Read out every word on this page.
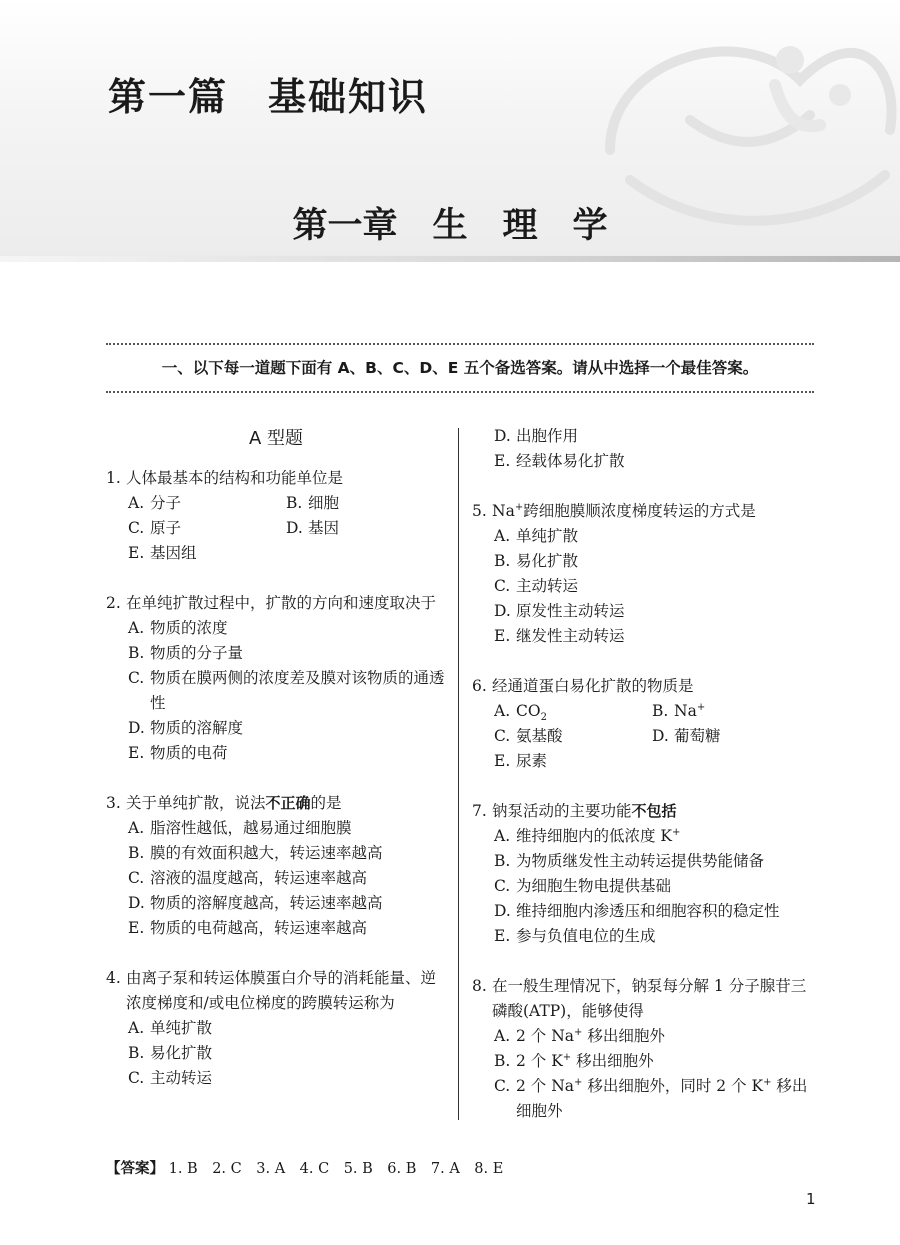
第一篇　基础知识
第一章　生　理　学
一、以下每一道题下面有 A、B、C、D、E 五个备选答案。请从中选择一个最佳答案。
A 型题
1. 人体最基本的结构和功能单位是
A. 分子	B. 细胞
C. 原子	D. 基因
E. 基因组
2. 在单纯扩散过程中，扩散的方向和速度取决于
A. 物质的浓度
B. 物质的分子量
C. 物质在膜两侧的浓度差及膜对该物质的通透性
D. 物质的溶解度
E. 物质的电荷
3. 关于单纯扩散，说法不正确的是
A. 脂溶性越低，越易通过细胞膜
B. 膜的有效面积越大，转运速率越高
C. 溶液的温度越高，转运速率越高
D. 物质的溶解度越高，转运速率越高
E. 物质的电荷越高，转运速率越高
4. 由离子泵和转运体膜蛋白介导的消耗能量、逆浓度梯度和/或电位梯度的跨膜转运称为
A. 单纯扩散
B. 易化扩散
C. 主动转运
D. 出胞作用
E. 经载体易化扩散
5. Na+跨细胞膜顺浓度梯度转运的方式是
A. 单纯扩散
B. 易化扩散
C. 主动转运
D. 原发性主动转运
E. 继发性主动转运
6. 经通道蛋白易化扩散的物质是
A. $CO_2$	B. Na+
C. 氨基酸	D. 葡萄糖
E. 尿素
7. 钠泵活动的主要功能不包括
A. 维持细胞内的低浓度 K+
B. 为物质继发性主动转运提供势能储备
C. 为细胞生物电提供基础
D. 维持细胞内渗透压和细胞容积的稳定性
E. 参与负值电位的生成
8. 在一般生理情况下，钠泵每分解 1 分子腺苷三磷酸(ATP)，能够使得
A. 2 个 Na+ 移出细胞外
B. 2 个 K+ 移出细胞外
C. 2 个 Na+ 移出细胞外，同时 2 个 K+ 移出细胞外
【答案】 1. B　2. C　3. A　4. C　5. B　6. B　7. A　8. E
1
